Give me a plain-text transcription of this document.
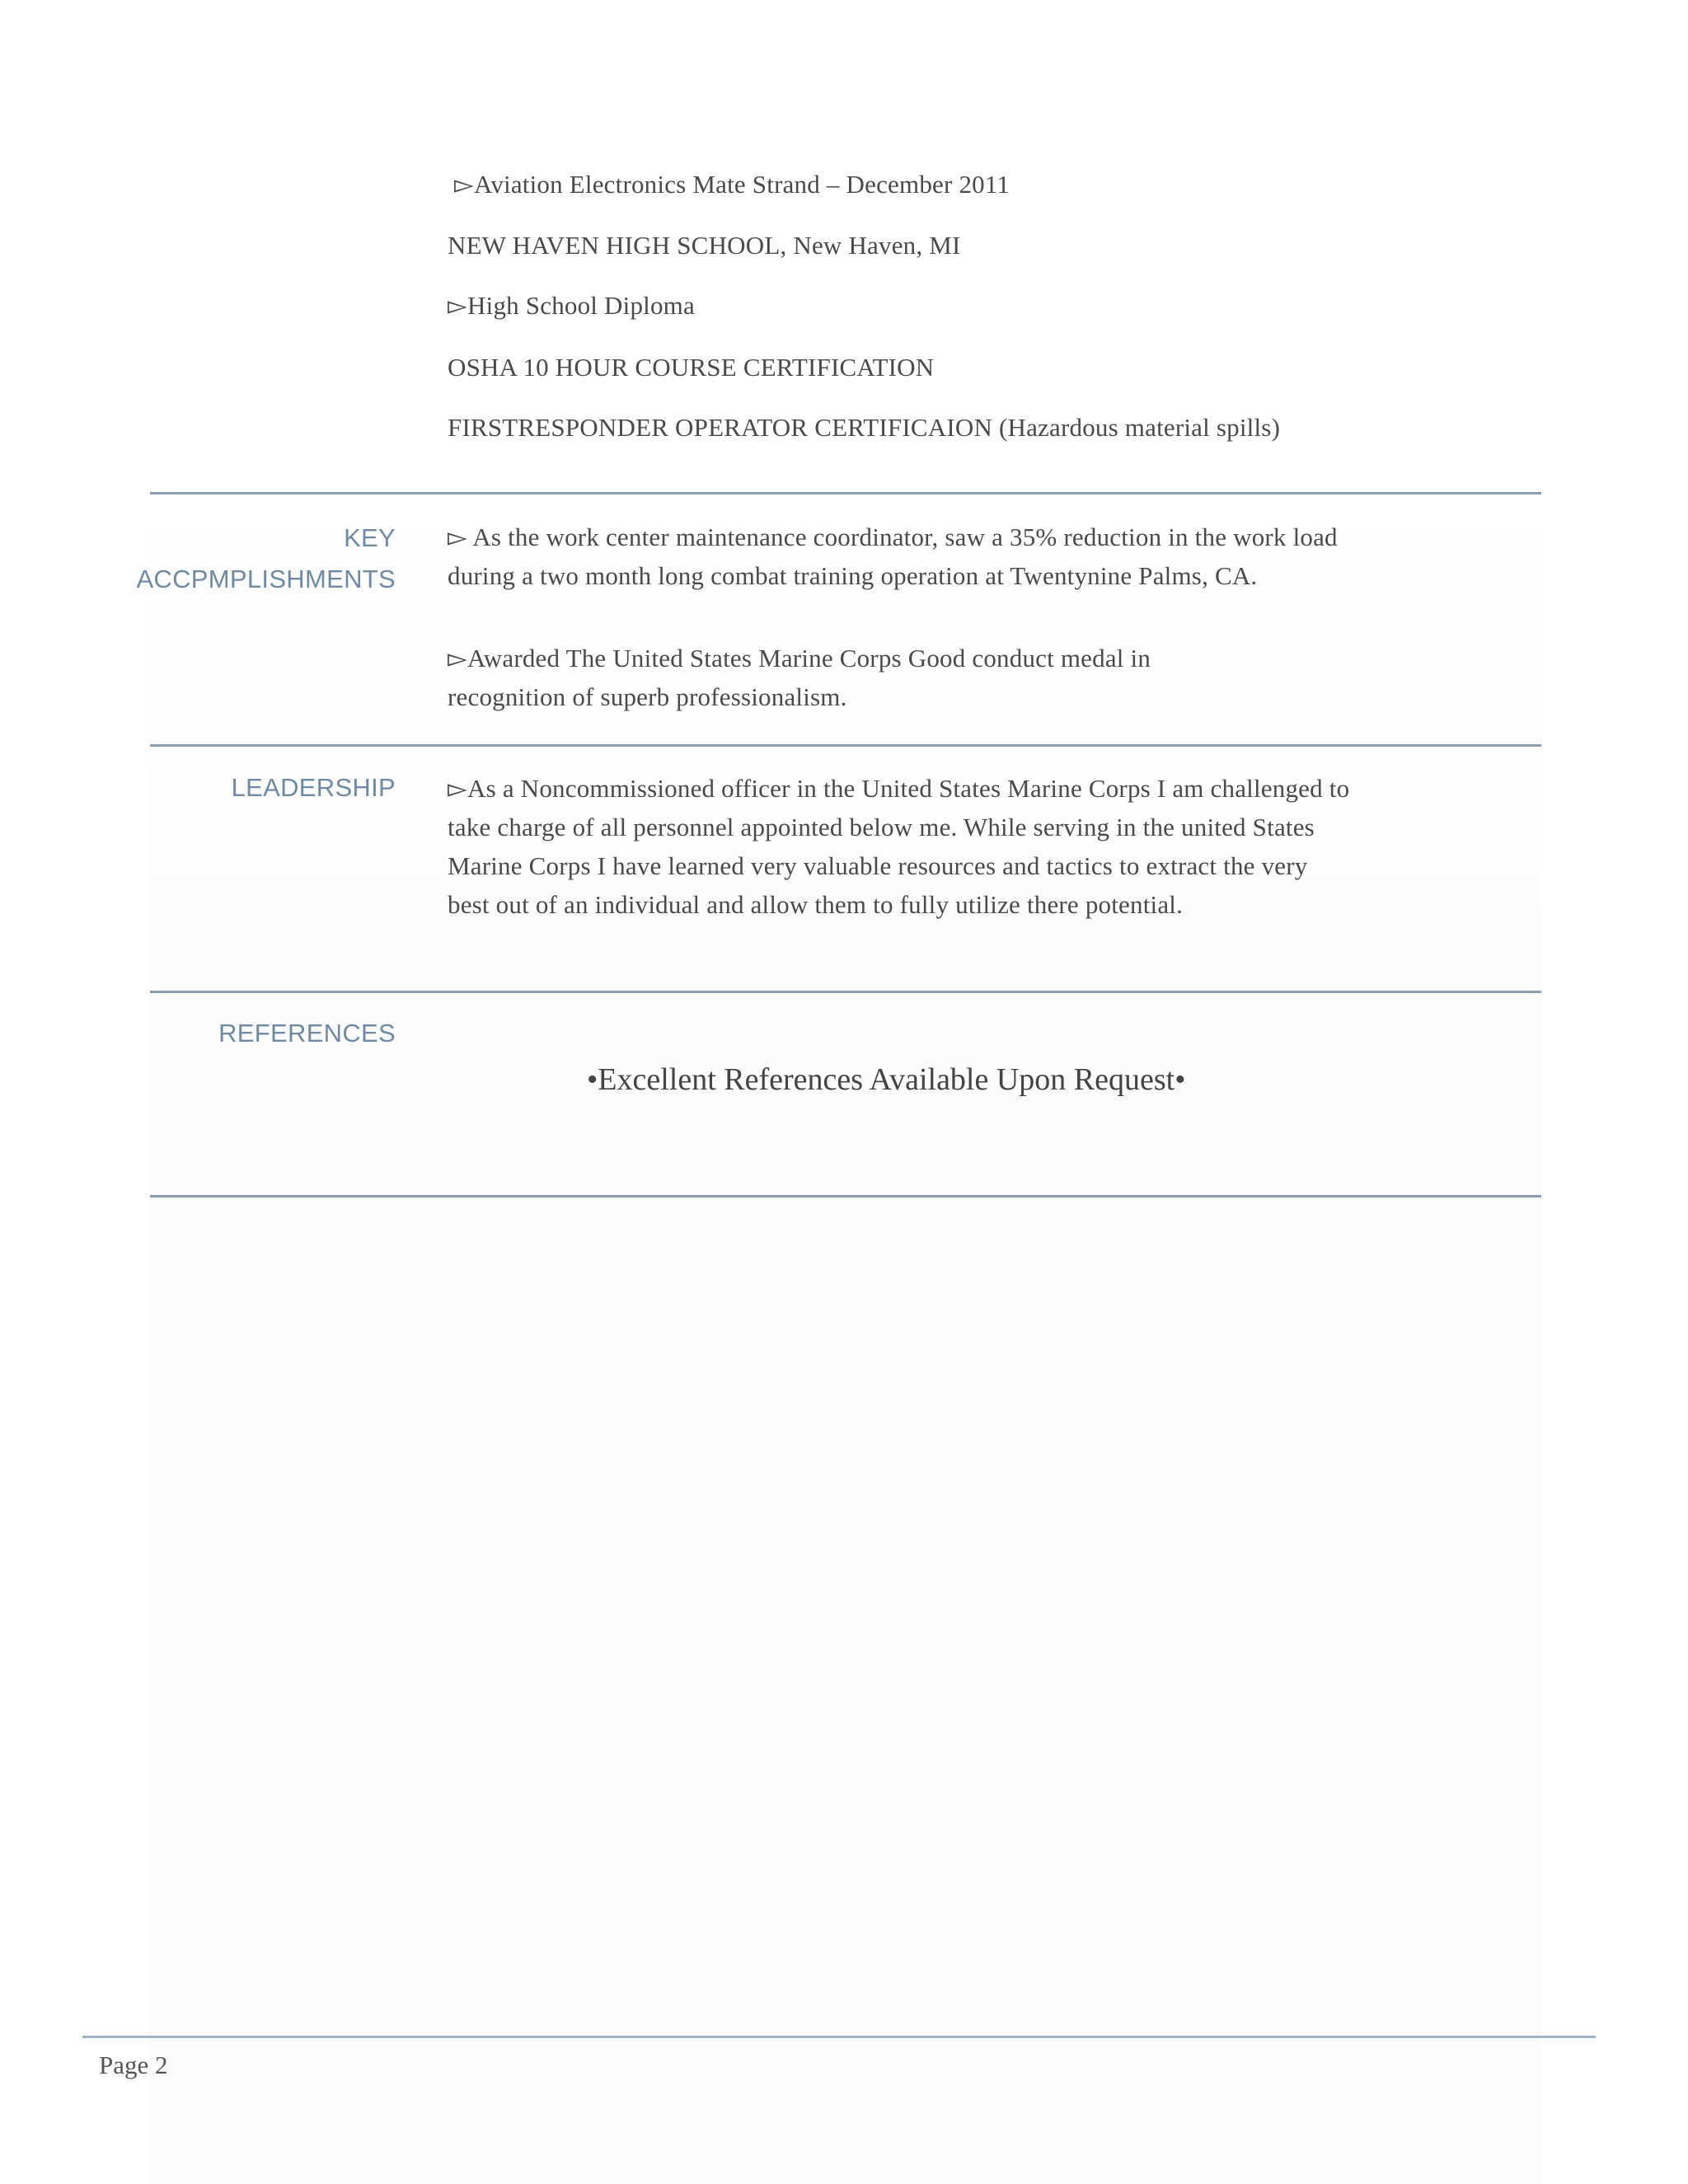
▻Aviation Electronics Mate Strand – December 2011
NEW HAVEN HIGH SCHOOL, New Haven, MI
▻High School Diploma
OSHA 10 HOUR COURSE CERTIFICATION
FIRSTRESPONDER OPERATOR CERTIFICAION (Hazardous material spills)
KEY
ACCPMPLISHMENTS
▻ As the work center maintenance coordinator, saw a 35% reduction in the work load during a two month long combat training operation at Twentynine Palms, CA.
▻Awarded The United States Marine Corps Good conduct medal in recognition of superb professionalism.
LEADERSHIP ▻As a Noncommissioned officer in the United States Marine Corps I am challenged to take charge of all personnel appointed below me. While serving in the united States Marine Corps I have learned very valuable resources and tactics to extract the very best out of an individual and allow them to fully utilize there potential.
REFERENCES
•Excellent References Available Upon Request•
Page 2
